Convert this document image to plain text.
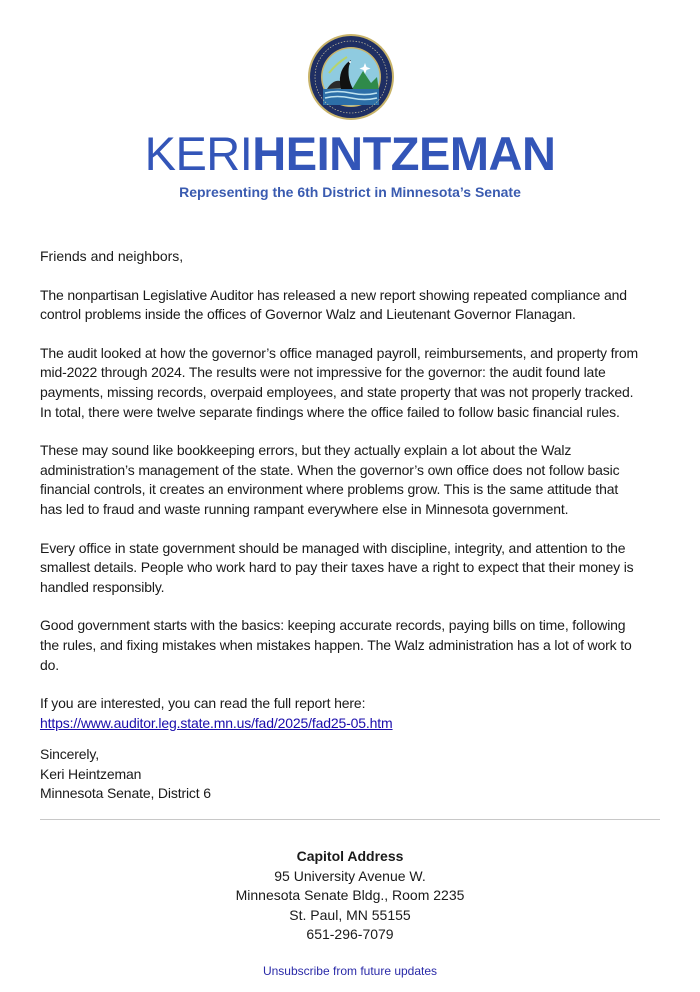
KERIHEINTZEMAN
Representing the 6th District in Minnesota’s Senate

Friends and neighbors,

The nonpartisan Legislative Auditor has released a new report showing repeated compliance and
control problems inside the offices of Governor Walz and Lieutenant Governor Flanagan.

The audit looked at how the governor’s office managed payroll, reimbursements, and property from
mid-2022 through 2024. The results were not impressive for the governor: the audit found late
payments, missing records, overpaid employees, and state property that was not properly tracked.
In total, there were twelve separate findings where the office failed to follow basic financial rules.

These may sound like bookkeeping errors, but they actually explain a lot about the Walz
administration’s management of the state. When the governor’s own office does not follow basic
financial controls, it creates an environment where problems grow. This is the same attitude that
has led to fraud and waste running rampant everywhere else in Minnesota government.

Every office in state government should be managed with discipline, integrity, and attention to the
smallest details. People who work hard to pay their taxes have a right to expect that their money is
handled responsibly.

Good government starts with the basics: keeping accurate records, paying bills on time, following
the rules, and fixing mistakes when mistakes happen. The Walz administration has a lot of work to
do.

If you are interested, you can read the full report here:
https://www.auditor.leg.state.mn.us/fad/2025/fad25-05.htm

Sincerely,
Keri Heintzeman
Minnesota Senate, District 6

Capitol Address
95 University Avenue W.
Minnesota Senate Bldg., Room 2235
St. Paul, MN 55155
651-296-7079
Unsubscribe from future updates
